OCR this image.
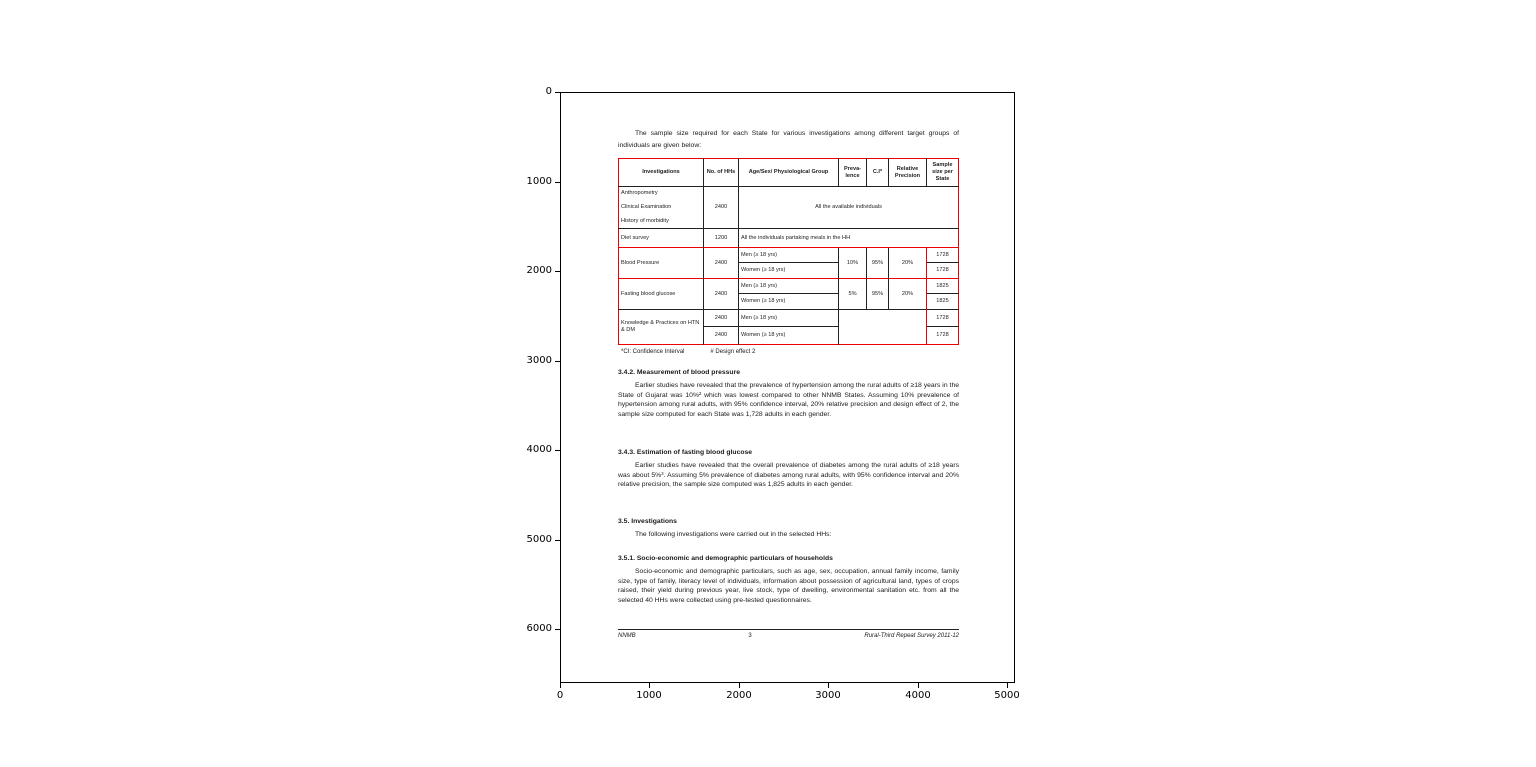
0
1000
2000
3000
4000
5000
6000
0	1000	2000	3000	4000	5000
The sample size required for each State for various investigations among different target groups of individuals are given below:
Investigations	No. of HHs	Age/Sex/ Physiological Group	Preva- lence	C.I*	Relative Precision	Sample size per State
Anthropometry		All the available individuals				
Clinical Examination	2400					
History of morbidity						
Diet survey	1200	All the individuals partaking meals in the HH				
Blood Pressure	2400	Men (≥ 18 yrs)	10%	95%	20%	1728
		Women (≥ 18 yrs)				1728
Fasting blood glucose	2400	Men (≥ 18 yrs)	5%	95%	20%	1825
		Women (≥ 18 yrs)				1825
Knowledge & Practices on HTN & DM	2400	Men (≥ 18 yrs)				1728
	2400	Women (≥ 18 yrs)				1728
*CI: Confidence Interval	# Design effect 2
3.4.2. Measurement of blood pressure
Earlier studies have revealed that the prevalence of hypertension among the rural adults of ≥18 years in the State of Gujarat was 10%² which was lowest compared to other NNMB States. Assuming 10% prevalence of hypertension among rural adults, with 95% confidence interval, 20% relative precision and design effect of 2, the sample size computed for each State was 1,728 adults in each gender.
3.4.3. Estimation of fasting blood glucose
Earlier studies have revealed that the overall prevalence of diabetes among the rural adults of ≥18 years was about 5%³. Assuming 5% prevalence of diabetes among rural adults, with 95% confidence interval and 20% relative precision, the sample size computed was 1,825 adults in each gender.
3.5. Investigations
The following investigations were carried out in the selected HHs:
3.5.1. Socio-economic and demographic particulars of households
Socio-economic and demographic particulars, such as age, sex, occupation, annual family income, family size, type of family, literacy level of individuals, information about possession of agricultural land, types of crops raised, their yield during previous year, live stock, type of dwelling, environmental sanitation etc. from all the selected 40 HHs were collected using pre-tested questionnaires.
NNMB	3	Rural-Third Repeat Survey 2011-12
